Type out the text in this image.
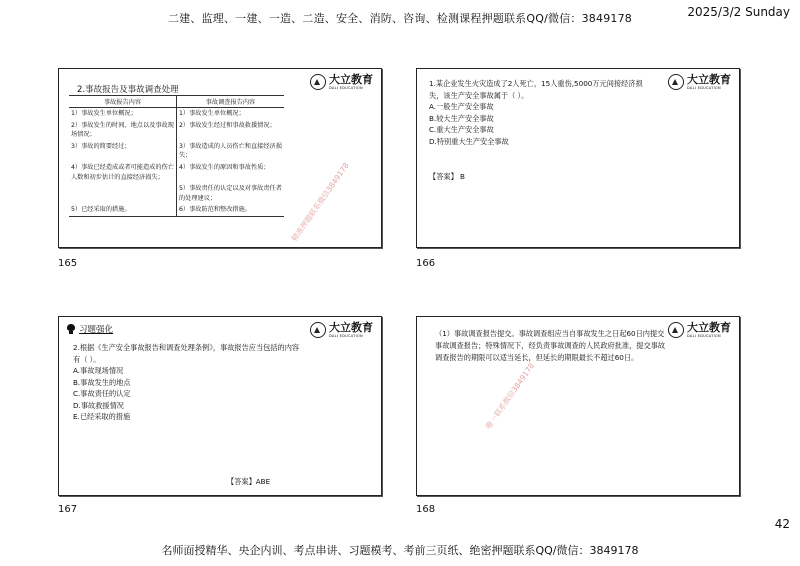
二建、监理、一建、一造、二造、安全、消防、咨询、检测课程押题联系QQ/微信：3849178	2025/3/2 Sunday
2.事故报告及事故调查处理
大立教育
DALI EDUCATION
事故报告内容	事故调查报告内容
1）事故发生单位概况；	1）事故发生单位概况；
2）事故发生的时间、地点以及事故现场情况；	2）事故发生经过和事故救援情况；
3）事故的简要经过；	3）事故造成的人员伤亡和直接经济损失；
4）事故已经造成或者可能造成的伤亡人数和初步估计的直接经济损失；	4）事故发生的原因和事故性质；
	5）事故责任的认定以及对事故责任者的处理建议；
5）已经采取的措施。	6）事故防范和整改措施。	精准押题联系微信3849178
165
大立教育
DALI EDUCATION
1.某企业发生火灾造成了2人死亡，15人重伤,5000万元间接经济损失，该生产安全事故属于（ ）。
A.一般生产安全事故
B.较大生产安全事故
C.重大生产安全事故
D.特别重大生产安全事故
【答案】 B
166
习题强化	大立教育
DALI EDUCATION
2.根据《生产安全事故报告和调查处理条例》，事故报告应当包括的内容有（ ）。
A.事故现场情况
B.事故发生的地点
C.事故责任的认定
D.事故救援情况
E.已经采取的措施
【答案】ABE
167
大立教育
DALI EDUCATION
（1）事故调查报告提交。事故调查组应当自事故发生之日起60日内提交事故调查报告；特殊情况下，经负责事故调查的人民政府批准，提交事故调查报告的期限可以适当延长，但延长的期限最长不超过60日。
唯一联系微信3849178
168
42
名师面授精华、央企内训、考点串讲、习题模考、考前三页纸、绝密押题联系QQ/微信：3849178
